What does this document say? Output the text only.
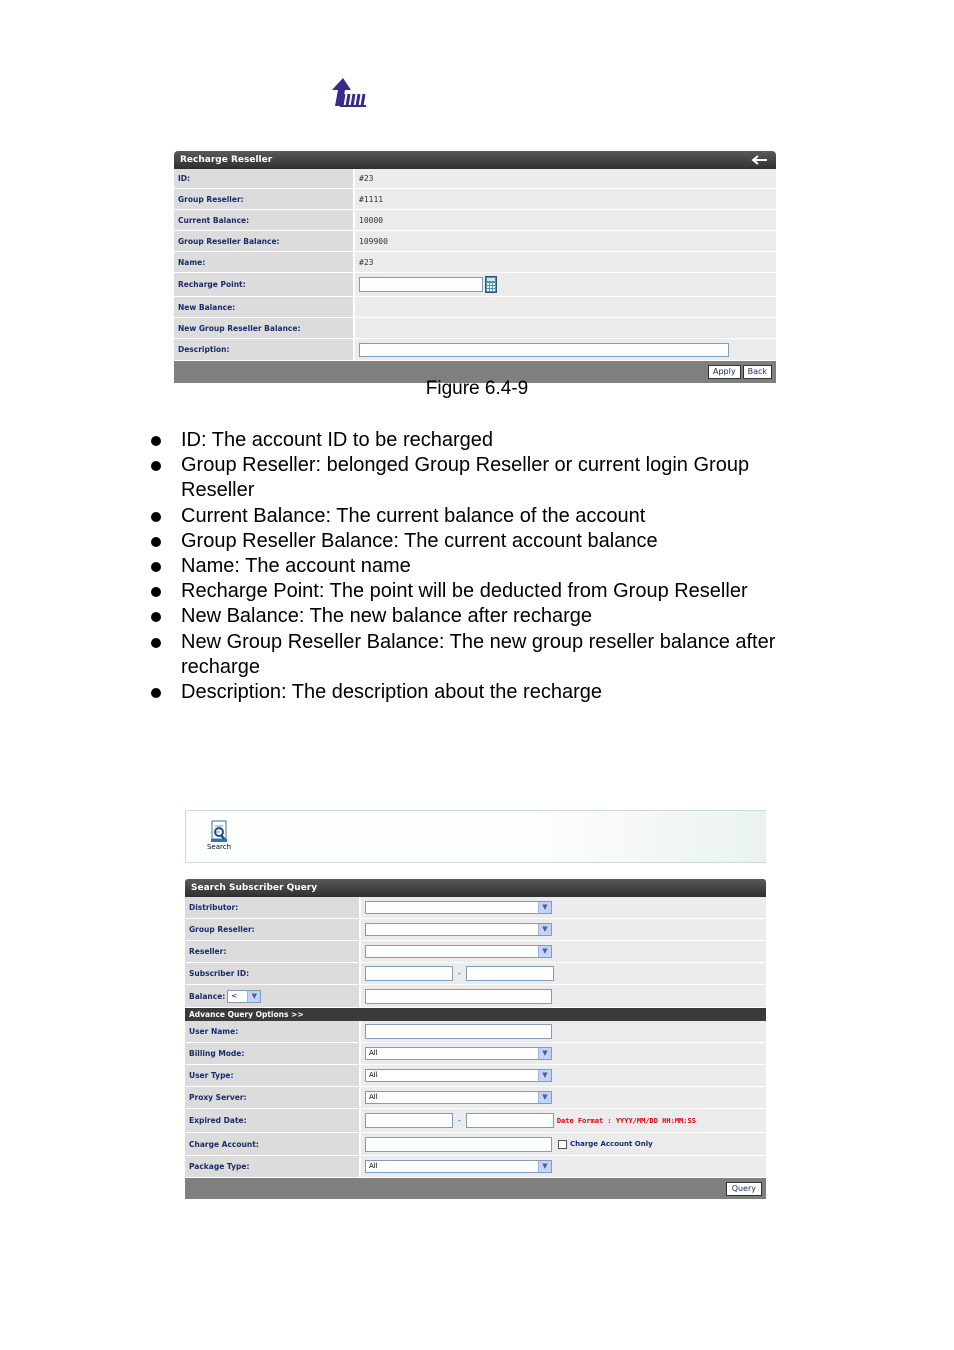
Recharge Reseller
ID:	#23
Group Reseller:	#1111
Current Balance:	10000
Group Reseller Balance:	109900
Name:	#23
Recharge Point:
New Balance:
New Group Reseller Balance:
Description:
Apply	Back
Figure 6.4-9
ID: The account ID to be recharged
Group Reseller: belonged Group Reseller or current login Group Reseller
Current Balance: The current balance of the account
Group Reseller Balance: The current account balance
Name: The account name
Recharge Point: The point will be deducted from Group Reseller
New Balance: The new balance after recharge
New Group Reseller Balance: The new group reseller balance after recharge
Description: The description about the recharge
Search
Search Subscriber Query
Distributor:	▼
Group Reseller:	▼
Reseller:	▼
Subscriber ID:	-
Balance: <	▼
Advance Query Options >>
User Name:
Billing Mode:	All	▼
User Type:	All	▼
Proxy Server:	All	▼
Expired Date:	-	Date Format : YYYY/MM/DD HH:MM:SS
Charge Account:	Charge Account Only
Package Type:	All	▼
Query
